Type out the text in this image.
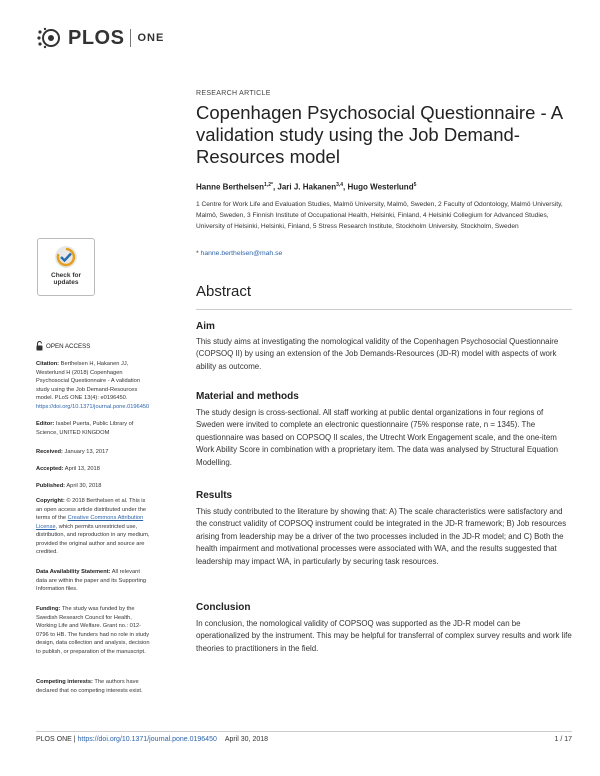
PLOS ONE
RESEARCH ARTICLE
Copenhagen Psychosocial Questionnaire - A validation study using the Job Demand-Resources model
Hanne Berthelsen$^{1,2*}$, Jari J. Hakanen$^{3,4}$, Hugo Westerlund$^5$
1 Centre for Work Life and Evaluation Studies, Malmö University, Malmö, Sweden, 2 Faculty of Odontology, Malmö University, Malmö, Sweden, 3 Finnish Institute of Occupational Health, Helsinki, Finland, 4 Helsinki Collegium for Advanced Studies, University of Helsinki, Helsinki, Finland, 5 Stress Research Institute, Stockholm University, Stockholm, Sweden
* hanne.berthelsen@mah.se
Abstract
Aim
This study aims at investigating the nomological validity of the Copenhagen Psychosocial Questionnaire (COPSOQ II) by using an extension of the Job Demands-Resources (JD-R) model with aspects of work ability as outcome.
Material and methods
The study design is cross-sectional. All staff working at public dental organizations in four regions of Sweden were invited to complete an electronic questionnaire (75% response rate, n = 1345). The questionnaire was based on COPSOQ II scales, the Utrecht Work Engagement scale, and the one-item Work Ability Score in combination with a proprietary item. The data was analysed by Structural Equation Modelling.
Results
This study contributed to the literature by showing that: A) The scale characteristics were satisfactory and the construct validity of COPSOQ instrument could be integrated in the JD-R framework; B) Job resources arising from leadership may be a driver of the two processes included in the JD-R model; and C) Both the health impairment and motivational processes were associated with WA, and the results suggested that leadership may impact WA, in particularly by securing task resources.
Conclusion
In conclusion, the nomological validity of COPSOQ was supported as the JD-R model can be operationalized by the instrument. This may be helpful for transferral of complex survey results and work life theories to practitioners in the field.
Check for
updates
OPEN ACCESS
Citation: Berthelsen H, Hakanen JJ, Westerlund H (2018) Copenhagen Psychosocial Questionnaire - A validation study using the Job Demand-Resources model. PLoS ONE 13(4): e0196450. https://doi.org/10.1371/journal.pone.0196450
Editor: Isabel Puerta, Public Library of Science, UNITED KINGDOM
Received: January 13, 2017
Accepted: April 13, 2018
Published: April 30, 2018
Copyright: © 2018 Berthelsen et al. This is an open access article distributed under the terms of the Creative Commons Attribution License, which permits unrestricted use, distribution, and reproduction in any medium, provided the original author and source are credited.
Data Availability Statement: All relevant data are within the paper and its Supporting Information files.
Funding: The study was funded by the Swedish Research Council for Health, Working Life and Welfare. Grant no.: 012-0796 to HB. The funders had no role in study design, data collection and analysis, decision to publish, or preparation of the manuscript.
Competing interests: The authors have declared that no competing interests exist.
PLOS ONE | https://doi.org/10.1371/journal.pone.0196450 April 30, 2018	1 / 17
